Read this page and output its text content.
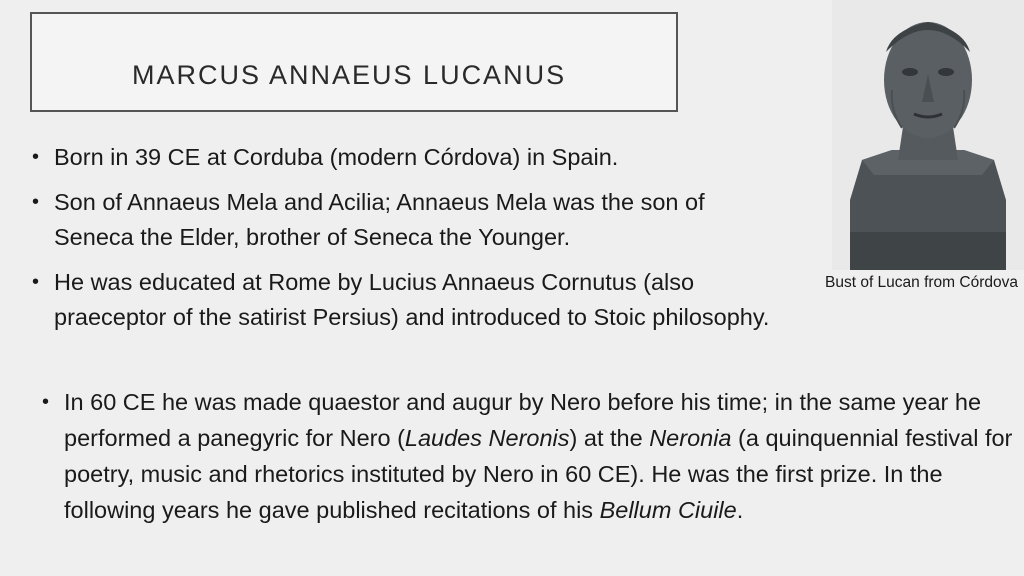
MARCUS ANNAEUS LUCANUS
• Born in 39 CE at Corduba (modern Córdova) in Spain.
• Son of Annaeus Mela and Acilia; Annaeus Mela was the son of Seneca the Elder, brother of Seneca the Younger.
• He was educated at Rome by Lucius Annaeus Cornutus (also praeceptor of the satirist Persius) and introduced to Stoic philosophy.
• In 60 CE he was made quaestor and augur by Nero before his time; in the same year he performed a panegyric for Nero (Laudes Neronis) at the Neronia (a quinquennial festival for poetry, music and rhetorics instituted by Nero in 60 CE). He was the first prize. In the following years he gave published recitations of his Bellum Ciuile.
Bust of Lucan from Córdova
